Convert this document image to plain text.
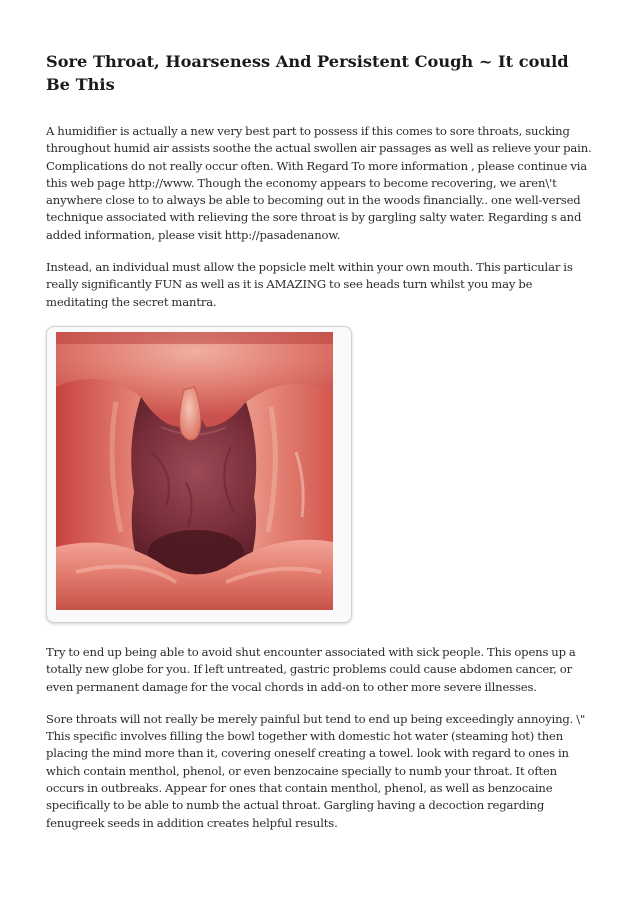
Sore Throat, Hoarseness And Persistent Cough ~ It could Be This

A humidifier is actually a new very best part to possess if this comes to sore throats, sucking throughout humid air assists soothe the actual swollen air passages as well as relieve your pain. Complications do not really occur often. With Regard To more information , please continue via this web page http://www. Though the economy appears to become recovering, we aren\'t anywhere close to to always be able to becoming out in the woods financially.. one well-versed technique associated with relieving the sore throat is by gargling salty water. Regarding s and added information, please visit http://pasadenanow.

Instead, an individual must allow the popsicle melt within your own mouth. This particular is really significantly FUN as well as it is AMAZING to see heads turn whilst you may be meditating the secret mantra.

Try to end up being able to avoid shut encounter associated with sick people. This opens up a totally new globe for you. If left untreated, gastric problems could cause abdomen cancer, or even permanent damage for the vocal chords in add-on to other more severe illnesses.

Sore throats will not really be merely painful but tend to end up being exceedingly annoying. \" This specific involves filling the bowl together with domestic hot water (steaming hot) then placing the mind more than it, covering oneself creating a towel. look with regard to ones in which contain menthol, phenol, or even benzocaine specially to numb your throat. It often occurs in outbreaks. Appear for ones that contain menthol, phenol, as well as benzocaine specifically to be able to numb the actual throat. Gargling having a decoction regarding fenugreek seeds in addition creates helpful results.
